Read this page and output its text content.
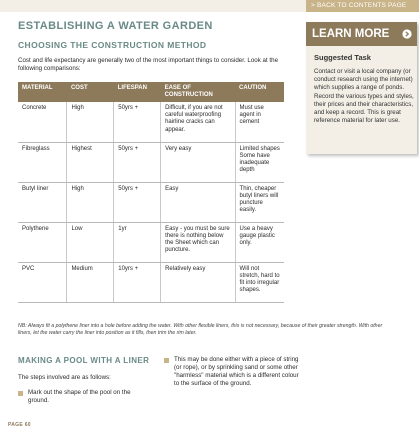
> BACK TO CONTENTS PAGE
ESTABLISHING A WATER GARDEN
CHOOSING THE CONSTRUCTION METHOD

Cost and life expectancy are generally two of the most important things to consider. Look at the following comparisons:

MATERIAL	COST	LIFESPAN	EASE OF CONSTRUCTION	CAUTION
Concrete	High	50yrs +	Difficult, if you are not careful waterproofing hairline cracks can appear.	Must use agent in cement
Fibreglass	Highest	50yrs +	Very easy	Limited shapes Some have inadequate depth
Butyl liner	High	50yrs +	Easy	Thin, cheaper butyl liners will puncture easily.
Polythene	Low	1yr	Easy - you must be sure there is nothing below the Sheet which can puncture.	Use a heavy gauge plastic only.
PVC	Medium	10yrs +	Relatively easy	Will not stretch, hard to fit into irregular shapes.

NB: Always fit a polythene liner into a hole before adding the water. With other flexible liners, this is not necessary, because of their greater strength. With other liners, let the water carry the liner into position as it fills, then trim the rim later.

MAKING A POOL WITH A LINER

The steps involved are as follows:

Mark out the shape of the pool on the ground.

This may be done either with a piece of string (or rope), or by sprinkling sand or some other "harmless" material which is a different colour to the surface of the ground.

PAGE 60
LEARN MORE

Suggested Task

Contact or visit a local company (or conduct research using the internet) which supplies a range of ponds. Record the various types and styles, their prices and their characteristics, and keep a record. This is great reference material for later use.
